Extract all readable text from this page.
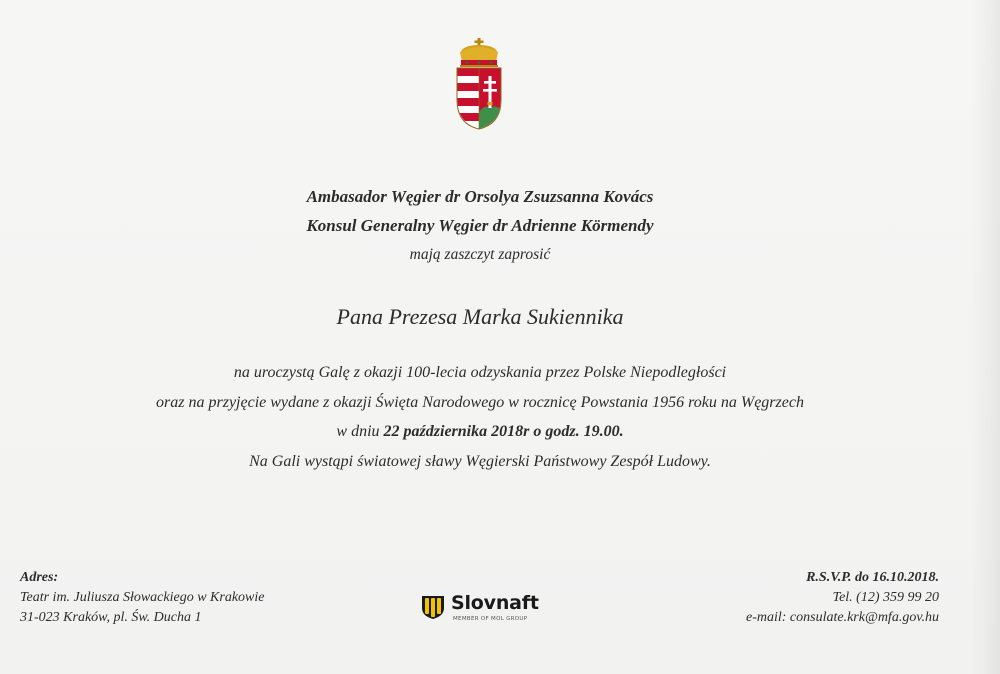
Ambasador Węgier dr Orsolya Zsuzsanna Kovács
Konsul Generalny Węgier dr Adrienne Körmendy
mają zaszczyt zaprosić
Pana Prezesa Marka Sukiennika
na uroczystą Galę z okazji 100-lecia odzyskania przez Polske Niepodległości
oraz na przyjęcie wydane z okazji Święta Narodowego w rocznicę Powstania 1956 roku na Węgrzech
w dniu 22 października 2018r o godz. 19.00.
Na Gali wystąpi światowej sławy Węgierski Państwowy Zespół Ludowy.
Adres:
Teatr im. Juliusza Słowackiego w Krakowie
31-023 Kraków, pl. Św. Ducha 1
Slovnaft
MEMBER OF MOL GROUP
R.S.V.P. do 16.10.2018.
Tel. (12) 359 99 20
e-mail: consulate.krk@mfa.gov.hu
